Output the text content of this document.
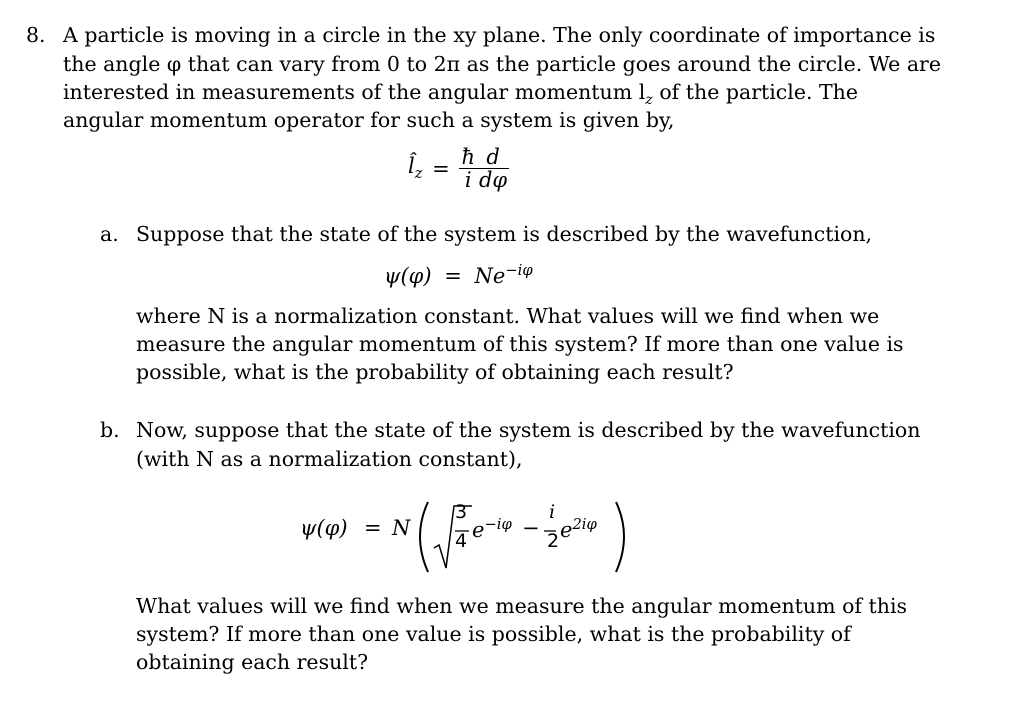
8. A particle is moving in a circle in the xy plane. The only coordinate of importance is
the angle φ that can vary from 0 to 2π as the particle goes around the circle. We are
interested in measurements of the angular momentum $l_z$ of the particle. The
angular momentum operator for such a system is given by,
$l̂_z = \frac{ħ}{i} \frac{d}{d\varphi}$
a. Suppose that the state of the system is described by the wavefunction,
$\psi(\varphi) = Ne^{-i\varphi}$
where N is a normalization constant. What values will we find when we
measure the angular momentum of this system? If more than one value is
possible, what is the probability of obtaining each result?
b. Now, suppose that the state of the system is described by the wavefunction
(with N as a normalization constant),
ψ(φ) = N
3
4 $e^{-i\varphi}$ −
i
2 $e^{2i\varphi}$
What values will we find when we measure the angular momentum of this
system? If more than one value is possible, what is the probability of
obtaining each result?
